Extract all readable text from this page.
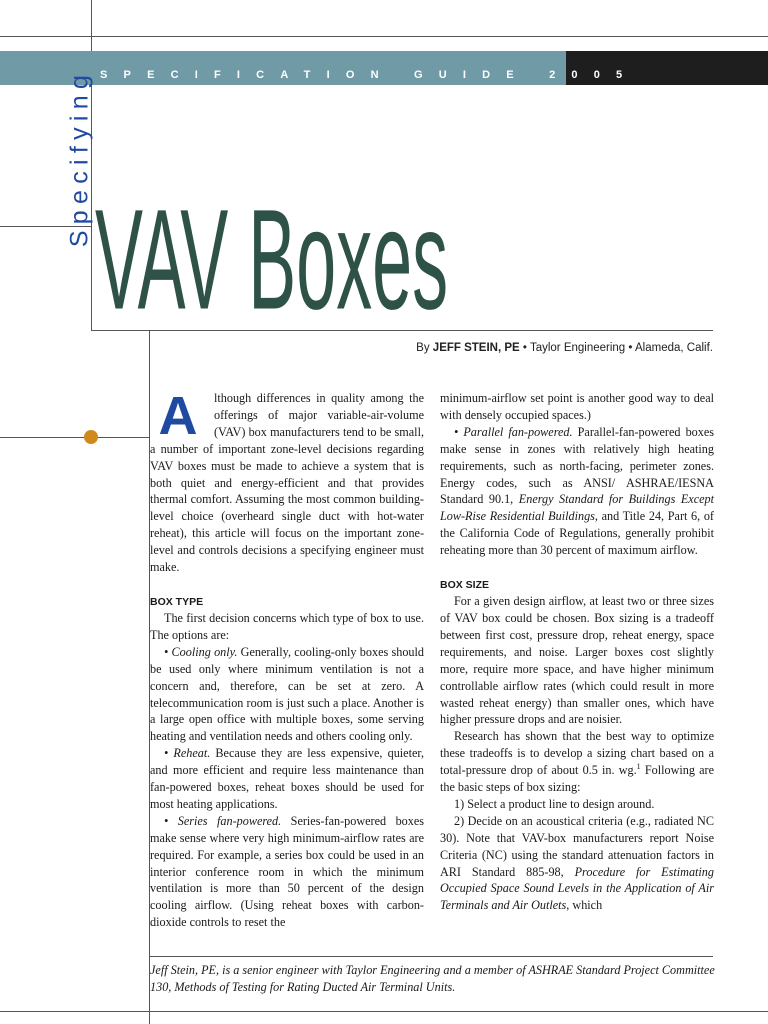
SPECIFICATION GUIDE 2005
Specifying
VAV Boxes
By JEFF STEIN, PE • Taylor Engineering • Alameda, Calif.

A	lthough differences in quality among the offerings of major variable-air-volume (VAV) box manufacturers tend to be small, a number of important zone-level decisions regarding VAV boxes must be made to achieve a system that is both quiet and energy-efficient and that provides thermal comfort. Assuming the most common building-level choice (overheard single duct with hot-water reheat), this article will focus on the important zone-level and controls decisions a specifying engineer must make.

BOX TYPE

The first decision concerns which type of box to use. The options are:

• Cooling only. Generally, cooling-only boxes should be used only where minimum ventilation is not a concern and, therefore, can be set at zero. A telecommunication room is just such a place. Another is a large open office with multiple boxes, some serving heating and ventilation needs and others cooling only.

• Reheat. Because they are less expensive, quieter, and more efficient and require less maintenance than fan-powered boxes, reheat boxes should be used for most heating applications.

• Series fan-powered. Series-fan-powered boxes make sense where very high minimum-airflow rates are required. For example, a series box could be used in an interior conference room in which the minimum ventilation is more than 50 percent of the design cooling airflow. (Using reheat boxes with carbon-dioxide controls to reset the

minimum-airflow set point is another good way to deal with densely occupied spaces.)

• Parallel fan-powered. Parallel-fan-powered boxes make sense in zones with relatively high heating requirements, such as north-facing, perimeter zones. Energy codes, such as ANSI/ ASHRAE/IESNA Standard 90.1, Energy Standard for Buildings Except Low-Rise Residential Buildings, and Title 24, Part 6, of the California Code of Regulations, generally prohibit reheating more than 30 percent of maximum airflow.

BOX SIZE

For a given design airflow, at least two or three sizes of VAV box could be chosen. Box sizing is a tradeoff between first cost, pressure drop, reheat energy, space requirements, and noise. Larger boxes cost slightly more, require more space, and have higher minimum controllable airflow rates (which could result in more wasted reheat energy) than smaller ones, which have higher pressure drops and are noisier.

Research has shown that the best way to optimize these tradeoffs is to develop a sizing chart based on a total-pressure drop of about 0.5 in. wg.$^1$ Following are the basic steps of box sizing:

1) Select a product line to design around.

2) Decide on an acoustical criteria (e.g., radiated NC 30). Note that VAV-box manufacturers report Noise Criteria (NC) using the standard attenuation factors in ARI Standard 885-98, Procedure for Estimating Occupied Space Sound Levels in the Application of Air Terminals and Air Outlets, which

Jeff Stein, PE, is a senior engineer with Taylor Engineering and a member of ASHRAE Standard Project Committee 130, Methods of Testing for Rating Ducted Air Terminal Units.
